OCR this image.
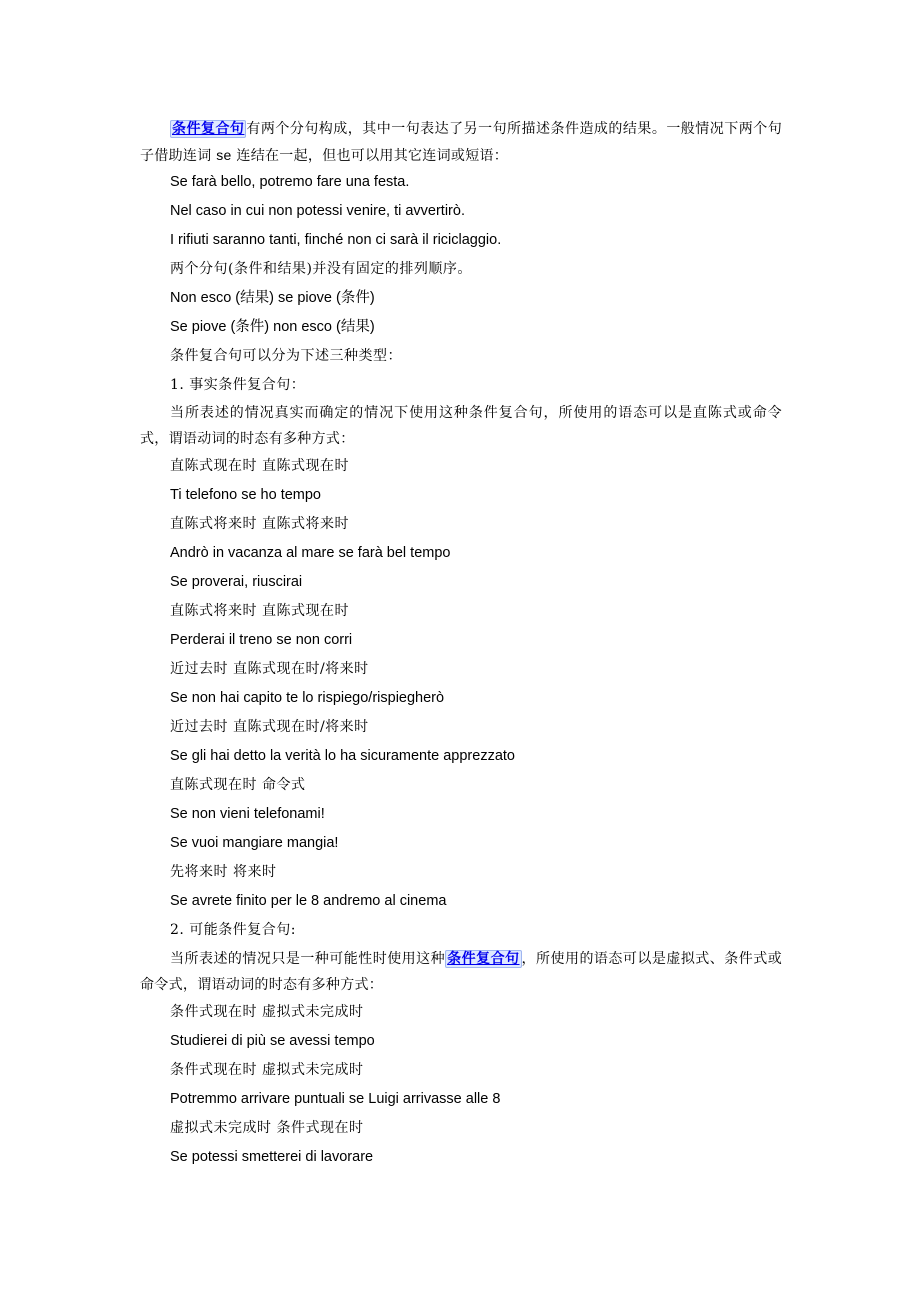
条件复合句 有两个分句构成，其中一句表达了另一句所描述条件造成的结果。一般情况下两个句子借助连词 se 连结在一起，但也可以用其它连词或短语：
Se farà bello, potremo fare una festa.
Nel caso in cui non potessi venire, ti avvertirò.
I rifiuti saranno tanti, finché non ci sarà il riciclaggio.
两个分句(条件和结果)并没有固定的排列顺序。
Non esco (结果) se piove (条件)
Se piove (条件) non esco (结果)
条件复合句可以分为下述三种类型：
1. 事实条件复合句：
当所表述的情况真实而确定的情况下使用这种条件复合句，所使用的语态可以是直陈式或命令式，谓语动词的时态有多种方式：
直陈式现在时 直陈式现在时
Ti telefono se ho tempo
直陈式将来时 直陈式将来时
Andrò in vacanza al mare se farà bel tempo
Se proverai, riuscirai
直陈式将来时 直陈式现在时
Perderai il treno se non corri
近过去时 直陈式现在时/将来时
Se non hai capito te lo rispiego/rispiegherò
近过去时 直陈式现在时/将来时
Se gli hai detto la verità lo ha sicuramente apprezzato
直陈式现在时 命令式
Se non vieni telefonami!
Se vuoi mangiare mangia!
先将来时 将来时
Se avrete finito per le 8 andremo al cinema
2. 可能条件复合句:
当所表述的情况只是一种可能性时使用这种 条件复合句 ，所使用的语态可以是虚拟式、条件式或命令式，谓语动词的时态有多种方式：
条件式现在时 虚拟式未完成时
Studierei di più se avessi tempo
条件式现在时 虚拟式未完成时
Potremmo arrivare puntuali se Luigi arrivasse alle 8
虚拟式未完成时 条件式现在时
Se potessi smetterei di lavorare
